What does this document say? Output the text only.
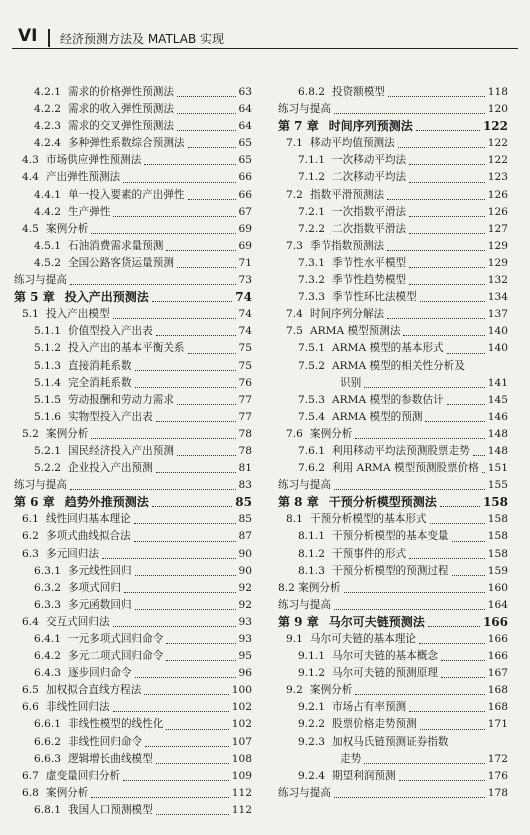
VI 经济预测方法及 MATLAB 实现
4.2.1 需求的价格弹性预测法	63
4.2.2 需求的收入弹性预测法	64
4.2.3 需求的交叉弹性预测法	64
4.2.4 多种弹性系数综合预测法	65
4.3 市场供应弹性预测法	65
4.4 产出弹性预测法	66
4.4.1 单一投入要素的产出弹性	66
4.4.2 生产弹性	67
4.5 案例分析	69
4.5.1 石油消费需求量预测	69
4.5.2 全国公路客货运量预测	71
练习与提高	73
第 5 章 投入产出预测法	74
5.1 投入产出模型	74
5.1.1 价值型投入产出表	74
5.1.2 投入产出的基本平衡关系	75
5.1.3 直接消耗系数	75
5.1.4 完全消耗系数	76
5.1.5 劳动报酬和劳动力需求	77
5.1.6 实物型投入产出表	77
5.2 案例分析	78
5.2.1 国民经济投入产出预测	78
5.2.2 企业投入产出预测	81
练习与提高	83
第 6 章 趋势外推预测法	85
6.1 线性回归基本理论	85
6.2 多项式曲线拟合法	87
6.3 多元回归法	90
6.3.1 多元线性回归	90
6.3.2 多项式回归	92
6.3.3 多元函数回归	92
6.4 交互式回归法	93
6.4.1 一元多项式回归命令	93
6.4.2 多元二项式回归命令	95
6.4.3 逐步回归命令	96
6.5 加权拟合直线方程法	100
6.6 非线性回归法	102
6.6.1 非线性模型的线性化	102
6.6.2 非线性回归命令	107
6.6.3 逻辑增长曲线模型	108
6.7 虚变量回归分析	109
6.8 案例分析	112
6.8.1 我国人口预测模型	112
6.8.2 投资额模型	118
练习与提高	120
第 7 章 时间序列预测法	122
7.1 移动平均值预测法	122
7.1.1 一次移动平均法	122
7.1.2 二次移动平均法	123
7.2 指数平滑预测法	126
7.2.1 一次指数平滑法	126
7.2.2 二次指数平滑法	127
7.3 季节指数预测法	129
7.3.1 季节性水平模型	129
7.3.2 季节性趋势模型	132
7.3.3 季节性环比法模型	134
7.4 时间序列分解法	137
7.5 ARMA 模型预测法	140
7.5.1 ARMA 模型的基本形式	140
7.5.2 ARMA 模型的相关性分析及
识别	141
7.5.3 ARMA 模型的参数估计	145
7.5.4 ARMA 模型的预测	146
7.6 案例分析	148
7.6.1 利用移动平均法预测股票走势 148
7.6.2 利用 ARMA 模型预测股票价格 151
练习与提高	155
第 8 章 干预分析模型预测法	158
8.1 干预分析模型的基本形式	158
8.1.1 干预分析模型的基本变量	158
8.1.2 干预事件的形式	158
8.1.3 干预分析模型的预测过程	159
8.2 案例分析	160
练习与提高	164
第 9 章 马尔可夫链预测法	166
9.1 马尔可夫链的基本理论	166
9.1.1 马尔可夫链的基本概念	166
9.1.2 马尔可夫链的预测原理	167
9.2 案例分析	168
9.2.1 市场占有率预测	168
9.2.2 股票价格走势预测	171
9.2.3 加权马氏链预测证券指数
走势	172
9.2.4 期望利润预测	176
练习与提高	178
